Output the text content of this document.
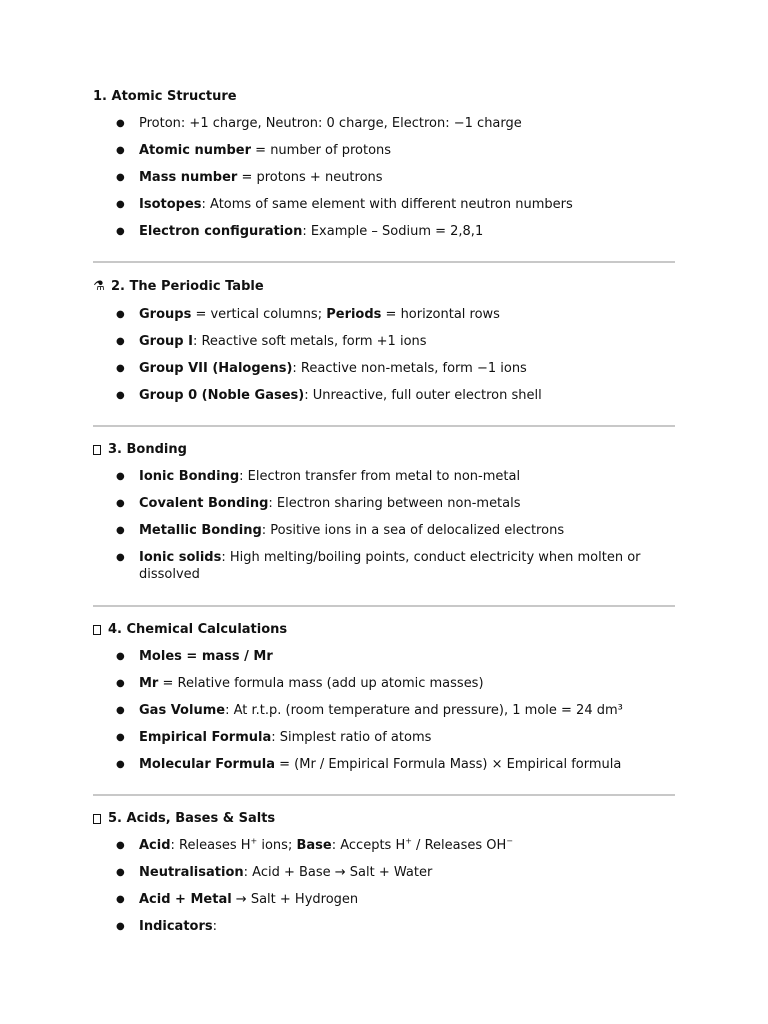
1. Atomic Structure
● Proton: +1 charge, Neutron: 0 charge, Electron: −1 charge
● Atomic number = number of protons
● Mass number = protons + neutrons
● Isotopes: Atoms of same element with different neutron numbers
● Electron configuration: Example – Sodium = 2,8,1
⚗ 2. The Periodic Table
● Groups = vertical columns; Periods = horizontal rows
● Group I: Reactive soft metals, form +1 ions
● Group VII (Halogens): Reactive non-metals, form −1 ions
● Group 0 (Noble Gases): Unreactive, full outer electron shell
3. Bonding
● Ionic Bonding: Electron transfer from metal to non-metal
● Covalent Bonding: Electron sharing between non-metals
● Metallic Bonding: Positive ions in a sea of delocalized electrons
● Ionic solids: High melting/boiling points, conduct electricity when molten or
dissolved
4. Chemical Calculations
● Moles = mass / Mr
● Mr = Relative formula mass (add up atomic masses)
● Gas Volume: At r.t.p. (room temperature and pressure), 1 mole = 24 dm³
● Empirical Formula: Simplest ratio of atoms
● Molecular Formula = (Mr / Empirical Formula Mass) × Empirical formula
5. Acids, Bases & Salts
● Acid: Releases H+ ions; Base: Accepts H+ / Releases OH−
● Neutralisation: Acid + Base → Salt + Water
● Acid + Metal → Salt + Hydrogen
● Indicators:
